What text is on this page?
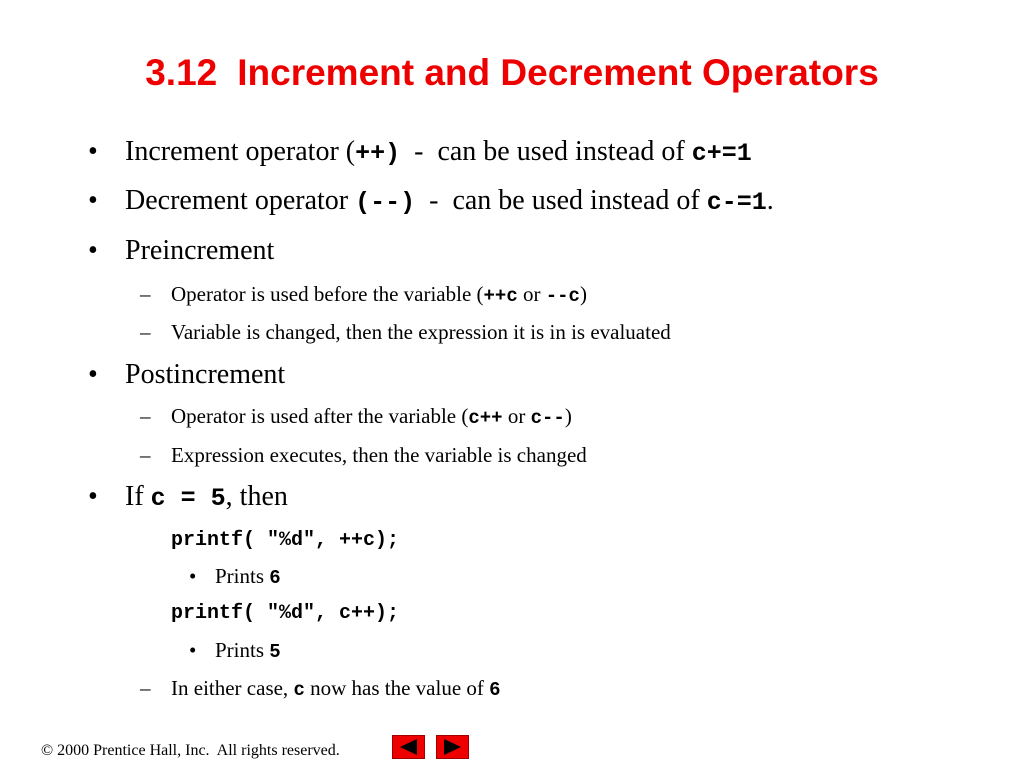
3.12 Increment and Decrement Operators
• Increment operator (++)  -  can be used instead of c+=1
• Decrement operator (--)  -  can be used instead of c-=1.
• Preincrement
– Operator is used before the variable (++c or --c)
– Variable is changed, then the expression it is in is evaluated
• Postincrement
– Operator is used after the variable (c++ or c--)
– Expression executes, then the variable is changed
• If c = 5, then
printf( "%d", ++c);
• Prints 6
printf( "%d", c++);
• Prints 5
– In either case, c now has the value of 6
© 2000 Prentice Hall, Inc.  All rights reserved.
